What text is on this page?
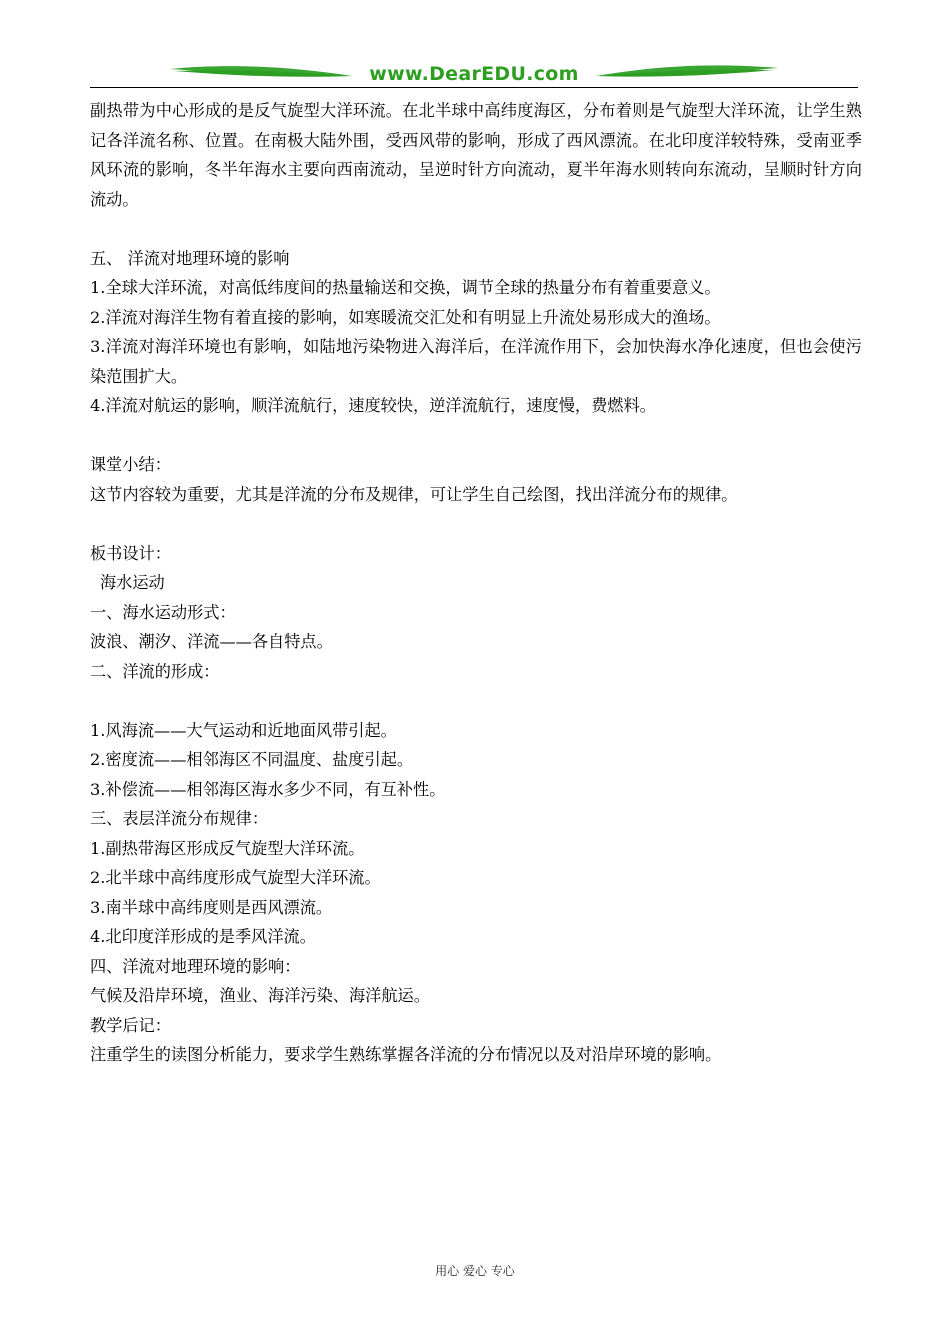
www.DearEDU.com

副热带为中心形成的是反气旋型大洋环流。在北半球中高纬度海区，分布着则是气旋型大洋环流，让学生熟记各洋流名称、位置。在南极大陆外围，受西风带的影响，形成了西风漂流。在北印度洋较特殊，受南亚季风环流的影响，冬半年海水主要向西南流动，呈逆时针方向流动，夏半年海水则转向东流动，呈顺时针方向流动。

五、 洋流对地理环境的影响

1.全球大洋环流，对高低纬度间的热量输送和交换，调节全球的热量分布有着重要意义。

2.洋流对海洋生物有着直接的影响，如寒暖流交汇处和有明显上升流处易形成大的渔场。

3.洋流对海洋环境也有影响，如陆地污染物进入海洋后，在洋流作用下，会加快海水净化速度，但也会使污染范围扩大。

4.洋流对航运的影响，顺洋流航行，速度较快，逆洋流航行，速度慢，费燃料。

课堂小结：

这节内容较为重要，尤其是洋流的分布及规律，可让学生自己绘图，找出洋流分布的规律。

板书设计：

海水运动

一、海水运动形式：

波浪、潮汐、洋流——各自特点。

二、洋流的形成：

1.风海流——大气运动和近地面风带引起。

2.密度流——相邻海区不同温度、盐度引起。

3.补偿流——相邻海区海水多少不同，有互补性。

三、表层洋流分布规律：

1.副热带海区形成反气旋型大洋环流。

2.北半球中高纬度形成气旋型大洋环流。

3.南半球中高纬度则是西风漂流。

4.北印度洋形成的是季风洋流。

四、洋流对地理环境的影响：

气候及沿岸环境，渔业、海洋污染、海洋航运。

教学后记：

注重学生的读图分析能力，要求学生熟练掌握各洋流的分布情况以及对沿岸环境的影响。

用心 爱心 专心
